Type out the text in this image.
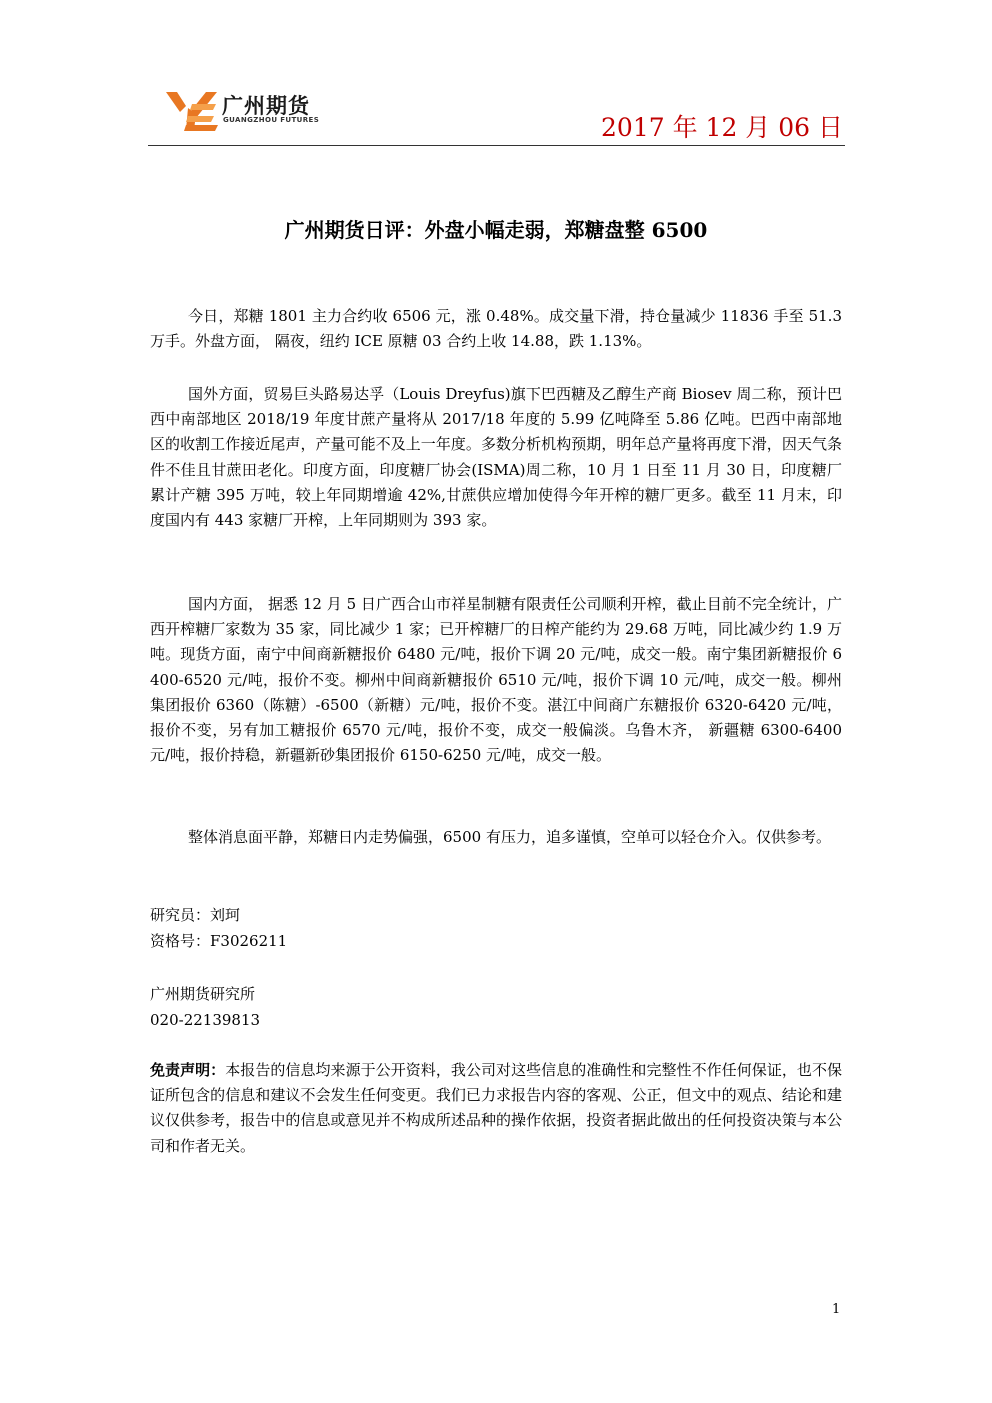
广州期货
GUANGZHOU FUTURES	2017 年 12 月 06 日
广州期货日评：外盘小幅走弱，郑糖盘整 6500

今日，郑糖 1801 主力合约收 6506 元，涨 0.48%。成交量下滑，持仓量减少 11836 手至 51.3 万手。外盘方面， 隔夜，纽约 ICE 原糖 03 合约上收 14.88，跌 1.13%。

国外方面，贸易巨头路易达孚（Louis Dreyfus)旗下巴西糖及乙醇生产商 Biosev 周二称，预计巴西中南部地区 2018/19 年度甘蔗产量将从 2017/18 年度的 5.99 亿吨降至 5.86 亿吨。巴西中南部地区的收割工作接近尾声，产量可能不及上一年度。多数分析机构预期，明年总产量将再度下滑，因天气条件不佳且甘蔗田老化。印度方面，印度糖厂协会(ISMA)周二称，10 月 1 日至 11 月 30 日，印度糖厂累计产糖 395 万吨，较上年同期增逾 42%,甘蔗供应增加使得今年开榨的糖厂更多。截至 11 月末，印度国内有 443 家糖厂开榨，上年同期则为 393 家。

国内方面， 据悉 12 月 5 日广西合山市祥星制糖有限责任公司顺利开榨，截止目前不完全统计，广西开榨糖厂家数为 35 家，同比减少 1 家；已开榨糖厂的日榨产能约为 29.68 万吨，同比减少约 1.9 万吨。现货方面，南宁中间商新糖报价 6480 元/吨，报价下调 20 元/吨，成交一般。南宁集团新糖报价 6400-6520 元/吨，报价不变。柳州中间商新糖报价 6510 元/吨，报价下调 10 元/吨，成交一般。柳州集团报价 6360（陈糖）-6500（新糖）元/吨，报价不变。湛江中间商广东糖报价 6320-6420 元/吨，报价不变，另有加工糖报价 6570 元/吨，报价不变，成交一般偏淡。乌鲁木齐， 新疆糖 6300-6400 元/吨，报价持稳，新疆新砂集团报价 6150-6250 元/吨，成交一般。

整体消息面平静，郑糖日内走势偏强，6500 有压力，追多谨慎，空单可以轻仓介入。仅供参考。

研究员：刘珂
资格号：F3026211
广州期货研究所
020-22139813

免责声明：本报告的信息均来源于公开资料，我公司对这些信息的准确性和完整性不作任何保证，也不保证所包含的信息和建议不会发生任何变更。我们已力求报告内容的客观、公正，但文中的观点、结论和建议仅供参考，报告中的信息或意见并不构成所述品种的操作依据，投资者据此做出的任何投资决策与本公司和作者无关。

1
